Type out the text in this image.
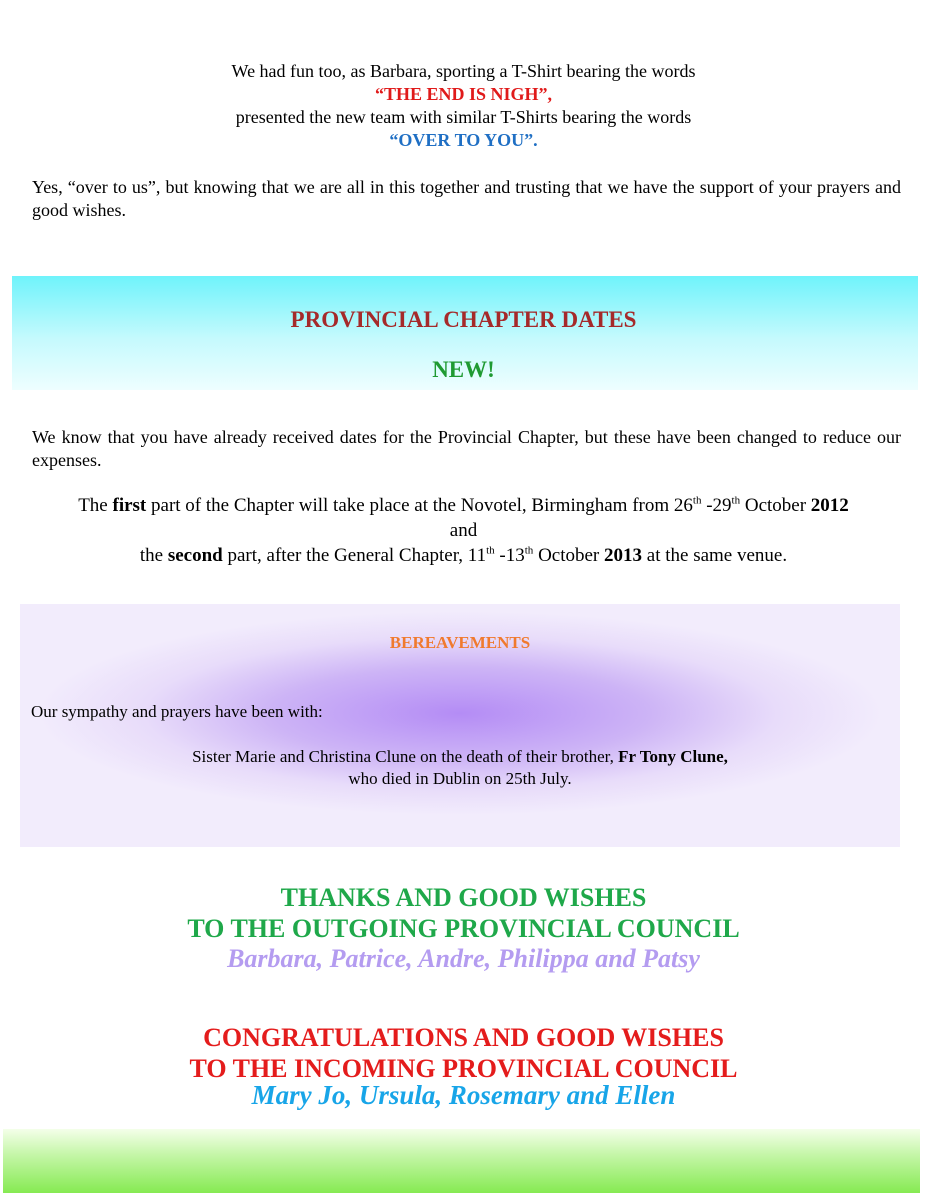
We had fun too, as Barbara, sporting a T-Shirt bearing the words
“THE END IS NIGH”,
presented the new team with similar T-Shirts bearing the words
“OVER TO YOU”.
Yes, “over to us”, but knowing that we are all in this together and trusting that we have the support of your prayers and good wishes.
PROVINCIAL CHAPTER DATES
NEW!
We know that you have already received dates for the Provincial Chapter, but these have been changed to reduce our expenses.
The first part of the Chapter will take place at the Novotel, Birmingham from 26th -29th October 2012
and
the second part, after the General Chapter, 11th -13th October 2013 at the same venue.
BEREAVEMENTS
Our sympathy and prayers have been with:
Sister Marie and Christina Clune on the death of their brother, Fr Tony Clune,
who died in Dublin on 25th July.
THANKS AND GOOD WISHES
TO THE OUTGOING PROVINCIAL COUNCIL
Barbara, Patrice, Andre, Philippa and Patsy
CONGRATULATIONS AND GOOD WISHES
TO THE INCOMING PROVINCIAL COUNCIL
Mary Jo, Ursula, Rosemary and Ellen
